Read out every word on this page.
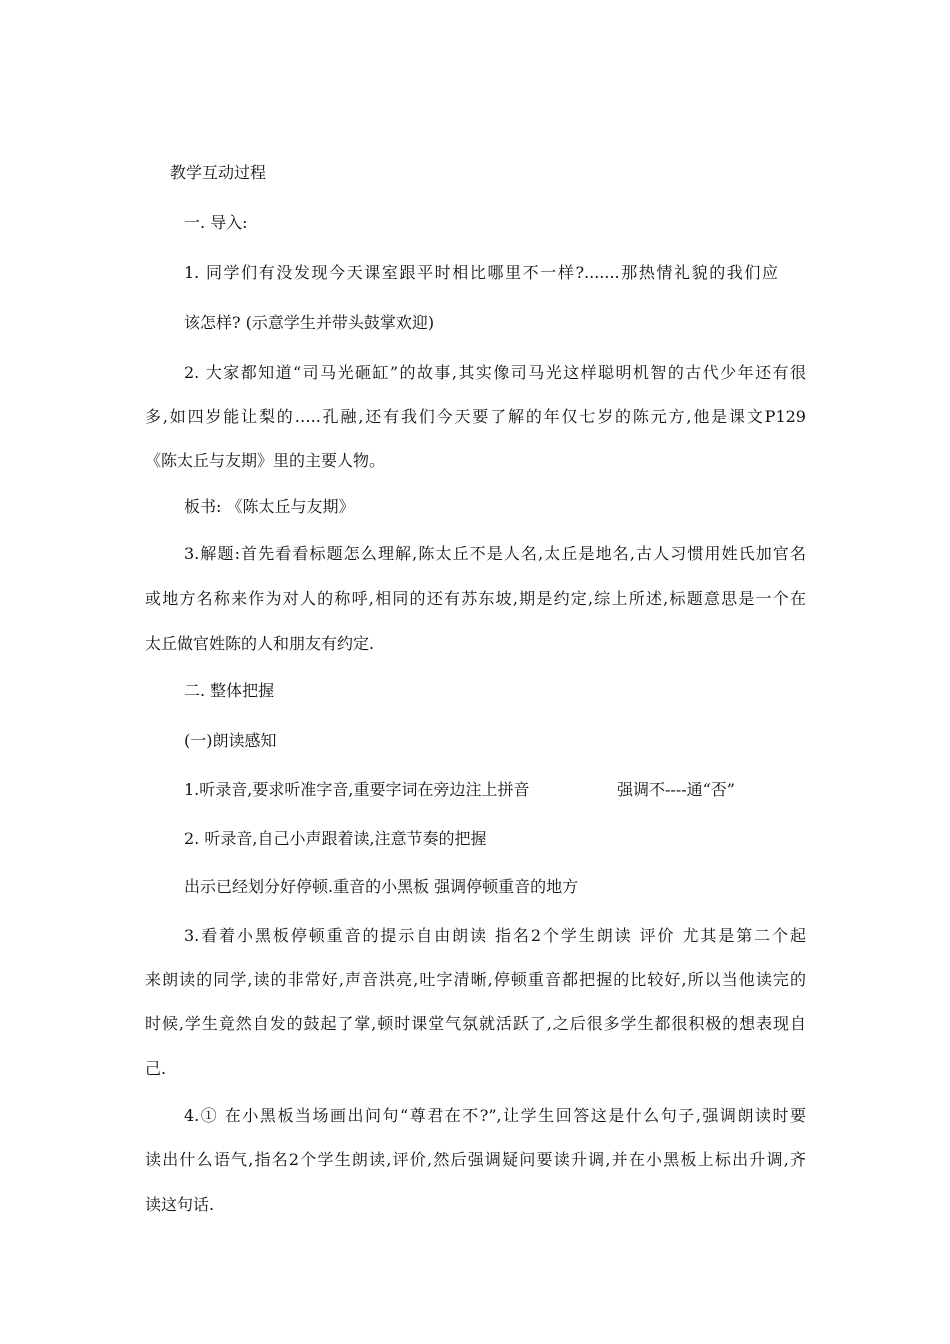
教学互动过程
一. 导入:
1. 同学们有没发现今天课室跟平时相比哪里不一样?.......那热情礼貌的我们应
该怎样? (示意学生并带头鼓掌欢迎)
2. 大家都知道“司马光砸缸”的故事,其实像司马光这样聪明机智的古代少年还有很
多,如四岁能让梨的…..孔融,还有我们今天要了解的年仅七岁的陈元方,他是课文P129
《陈太丘与友期》里的主要人物。
板书: 《陈太丘与友期》
3.解题:首先看看标题怎么理解,陈太丘不是人名,太丘是地名,古人习惯用姓氏加官名
或地方名称来作为对人的称呼,相同的还有苏东坡,期是约定,综上所述,标题意思是一个在
太丘做官姓陈的人和朋友有约定.
二. 整体把握
(一)朗读感知
1.听录音,要求听准字音,重要字词在旁边注上拼音	强调不----通“否”
2. 听录音,自己小声跟着读,注意节奏的把握
出示已经划分好停顿.重音的小黑板 强调停顿重音的地方
3.看着小黑板停顿重音的提示自由朗读 指名2个学生朗读 评价 尤其是第二个起
来朗读的同学,读的非常好,声音洪亮,吐字清晰,停顿重音都把握的比较好,所以当他读完的
时候,学生竟然自发的鼓起了掌,顿时课堂气氛就活跃了,之后很多学生都很积极的想表现自
己.
4.① 在小黑板当场画出问句“尊君在不?”,让学生回答这是什么句子,强调朗读时要
读出什么语气,指名2个学生朗读,评价,然后强调疑问要读升调,并在小黑板上标出升调,齐
读这句话.
